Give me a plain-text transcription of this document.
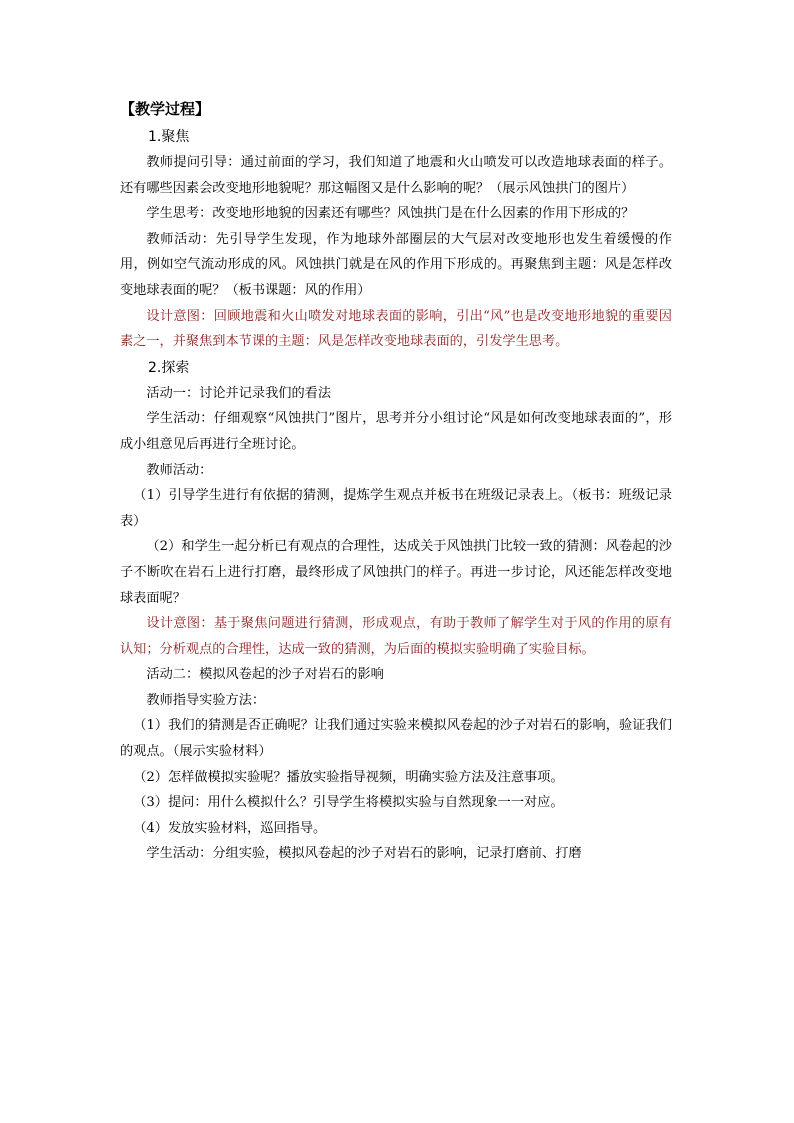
【教学过程】
1.聚焦

教师提问引导：通过前面的学习，我们知道了地震和火山喷发可以改造地球表面的样子。还有哪些因素会改变地形地貌呢？那这幅图又是什么影响的呢？（展示风蚀拱门的图片）

学生思考：改变地形地貌的因素还有哪些？风蚀拱门是在什么因素的作用下形成的？

教师活动：先引导学生发现，作为地球外部圈层的大气层对改变地形也发生着缓慢的作用，例如空气流动形成的风。风蚀拱门就是在风的作用下形成的。再聚焦到主题：风是怎样改变地球表面的呢？（板书课题：风的作用）

设计意图：回顾地震和火山喷发对地球表面的影响，引出“风”也是改变地形地貌的重要因素之一，并聚焦到本节课的主题：风是怎样改变地球表面的，引发学生思考。

2.探索

活动一：讨论并记录我们的看法

学生活动：仔细观察“风蚀拱门”图片，思考并分小组讨论“风是如何改变地球表面的”，形成小组意见后再进行全班讨论。

教师活动：

（1）引导学生进行有依据的猜测，提炼学生观点并板书在班级记录表上。（板书：班级记录表）

（2）和学生一起分析已有观点的合理性，达成关于风蚀拱门比较一致的猜测：风卷起的沙子不断吹在岩石上进行打磨，最终形成了风蚀拱门的样子。再进一步讨论，风还能怎样改变地球表面呢？

设计意图：基于聚焦问题进行猜测，形成观点，有助于教师了解学生对于风的作用的原有认知；分析观点的合理性，达成一致的猜测，为后面的模拟实验明确了实验目标。

活动二：模拟风卷起的沙子对岩石的影响

教师指导实验方法：

（1）我们的猜测是否正确呢？让我们通过实验来模拟风卷起的沙子对岩石的影响，验证我们的观点。（展示实验材料）

（2）怎样做模拟实验呢？播放实验指导视频，明确实验方法及注意事项。

（3）提问：用什么模拟什么？引导学生将模拟实验与自然现象一一对应。

（4）发放实验材料，巡回指导。

学生活动：分组实验，模拟风卷起的沙子对岩石的影响，记录打磨前、打磨
